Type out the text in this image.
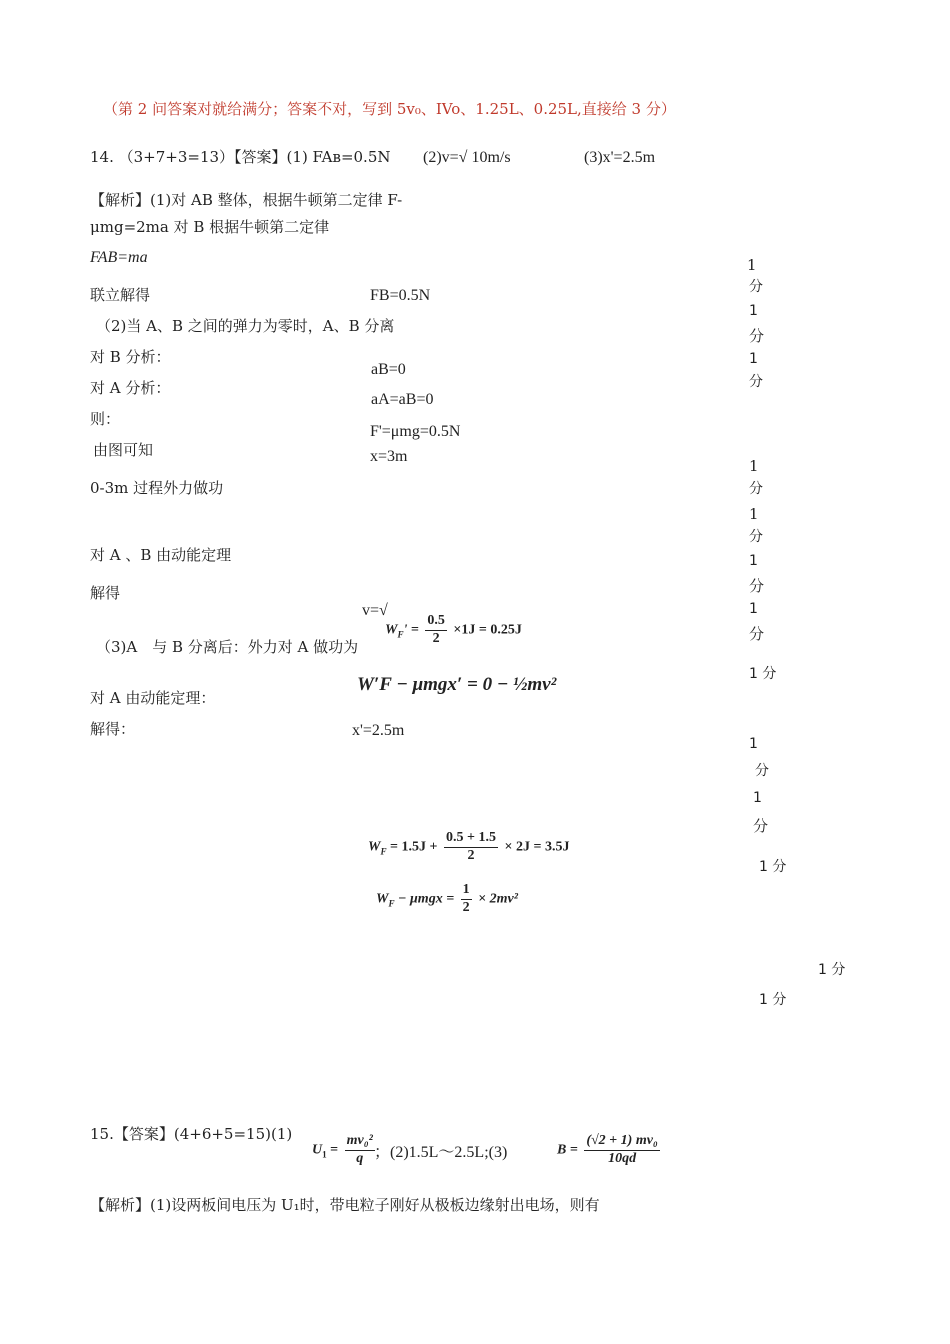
（第 2 问答案对就给满分；答案不对，写到 5v₀、IVo、1.25L、0.25L,直接给 3 分）
14. （3+7+3=13）【答案】(1) FAʙ=0.5N (2)v=√ 10m/s	(3)x'=2.5m
【解析】(1)对 AB 整体，根据牛顿第二定律 F-
μmg=2ma 对 B 根据牛顿第二定律
FAB=ma
联立解得	FB=0.5N
（2)当 A、B 之间的弹力为零时，A、B 分离
对 B 分析：
aB=0
对 A 分析：
aA=aB=0
则：
F'=μmg=0.5N
由图可知	x=3m
0-3m 过程外力做功
对 A 、B 由动能定理
解得
v=√
$W_F' = \frac{0.5}{2} \times 1J = 0.25J$
（3)A　与 B 分离后：外力对 A 做功为
对 A 由动能定理：
W′F − μmgx′ = 0 − ½mv²
解得：	x'=2.5m
$W_F = 1.5J + \frac{0.5 + 1.5}{2} \times 2J = 3.5J$
$W_F - \mu mgx = \frac{1}{2} \times 2mv^2$
1
分
1
分
1
分
1
分
1
分
1
分
1
分
1 分
1
分
1
分
1 分
1 分
1 分
15.【答案】(4+6+5=15)(1)
$U_1 = \frac{\text{mv₀²}}{q}$ ；(2)1.5L～2.5L;(3)	$B = \frac{\text{(√2 + 1) mv₀}}{10qd}$
【解析】(1)设两板间电压为 U₁时，带电粒子刚好从极板边缘射出电场，则有
